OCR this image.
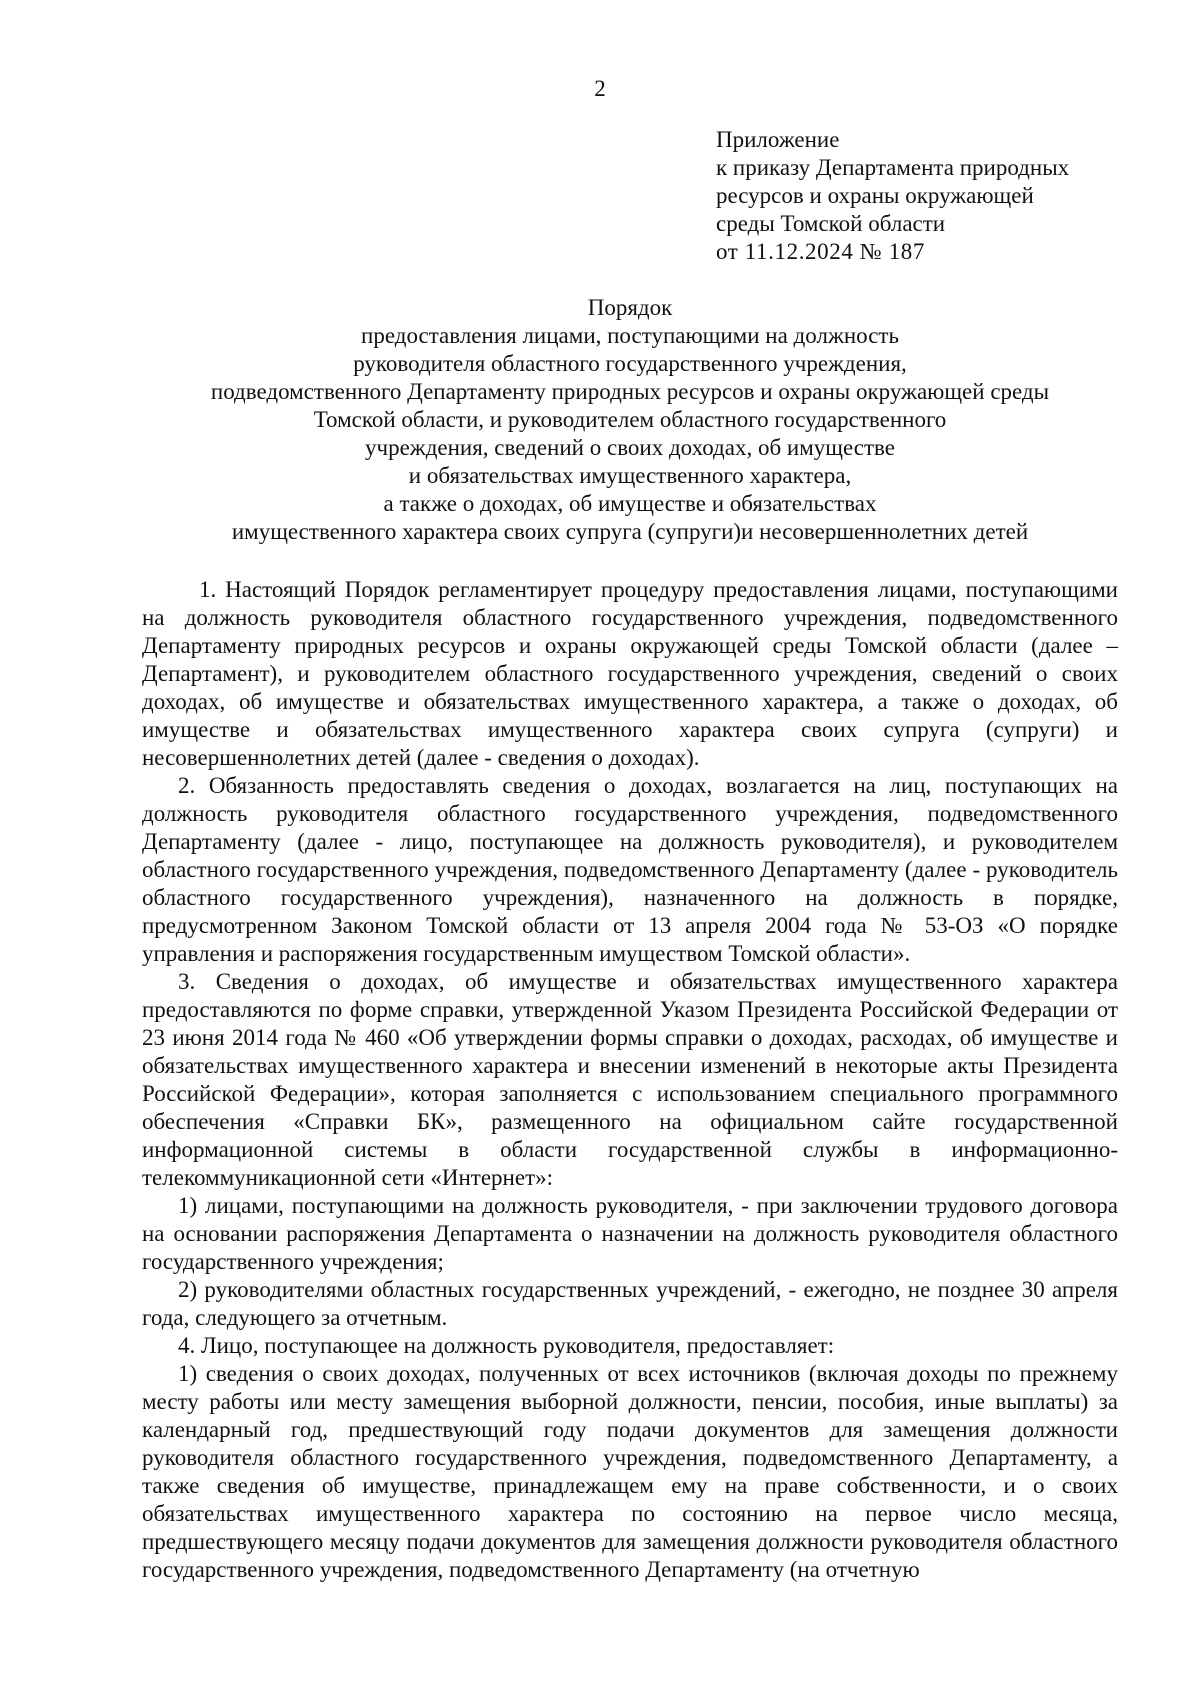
2
Приложение
к приказу Департамента природных
ресурсов и охраны окружающей
среды Томской области
от 11.12.2024 № 187
Порядок
предоставления лицами, поступающими на должность
руководителя областного государственного учреждения,
подведомственного Департаменту природных ресурсов и охраны окружающей среды
Томской области, и руководителем областного государственного
учреждения, сведений о своих доходах, об имуществе
и обязательствах имущественного характера,
а также о доходах, об имуществе и обязательствах
имущественного характера своих супруга (супруги)и несовершеннолетних детей

1. Настоящий Порядок регламентирует процедуру предоставления лицами, поступающими на должность руководителя областного государственного учреждения, подведомственного Департаменту природных ресурсов и охраны окружающей среды Томской области (далее – Департамент), и руководителем областного государственного учреждения, сведений о своих доходах, об имуществе и обязательствах имущественного характера, а также о доходах, об имуществе и обязательствах имущественного характера своих супруга (супруги) и несовершеннолетних детей (далее - сведения о доходах).

2. Обязанность предоставлять сведения о доходах, возлагается на лиц, поступающих на должность руководителя областного государственного учреждения, подведомственного Департаменту (далее - лицо, поступающее на должность руководителя), и руководителем областного государственного учреждения, подведомственного Департаменту (далее - руководитель областного государственного учреждения), назначенного на должность в порядке, предусмотренном Законом Томской области от 13 апреля 2004 года № 53-ОЗ «О порядке управления и распоряжения государственным имуществом Томской области».

3. Сведения о доходах, об имуществе и обязательствах имущественного характера предоставляются по форме справки, утвержденной Указом Президента Российской Федерации от 23 июня 2014 года № 460 «Об утверждении формы справки о доходах, расходах, об имуществе и обязательствах имущественного характера и внесении изменений в некоторые акты Президента Российской Федерации», которая заполняется с использованием специального программного обеспечения «Справки БК», размещенного на официальном сайте государственной информационной системы в области государственной службы в информационно-телекоммуникационной сети «Интернет»:

1) лицами, поступающими на должность руководителя, - при заключении трудового договора на основании распоряжения Департамента о назначении на должность руководителя областного государственного учреждения;

2) руководителями областных государственных учреждений, - ежегодно, не позднее 30 апреля года, следующего за отчетным.

4. Лицо, поступающее на должность руководителя, предоставляет:

1) сведения о своих доходах, полученных от всех источников (включая доходы по прежнему месту работы или месту замещения выборной должности, пенсии, пособия, иные выплаты) за календарный год, предшествующий году подачи документов для замещения должности руководителя областного государственного учреждения, подведомственного Департаменту, а также сведения об имуществе, принадлежащем ему на праве собственности, и о своих обязательствах имущественного характера по состоянию на первое число месяца, предшествующего месяцу подачи документов для замещения должности руководителя областного государственного учреждения, подведомственного Департаменту (на отчетную
